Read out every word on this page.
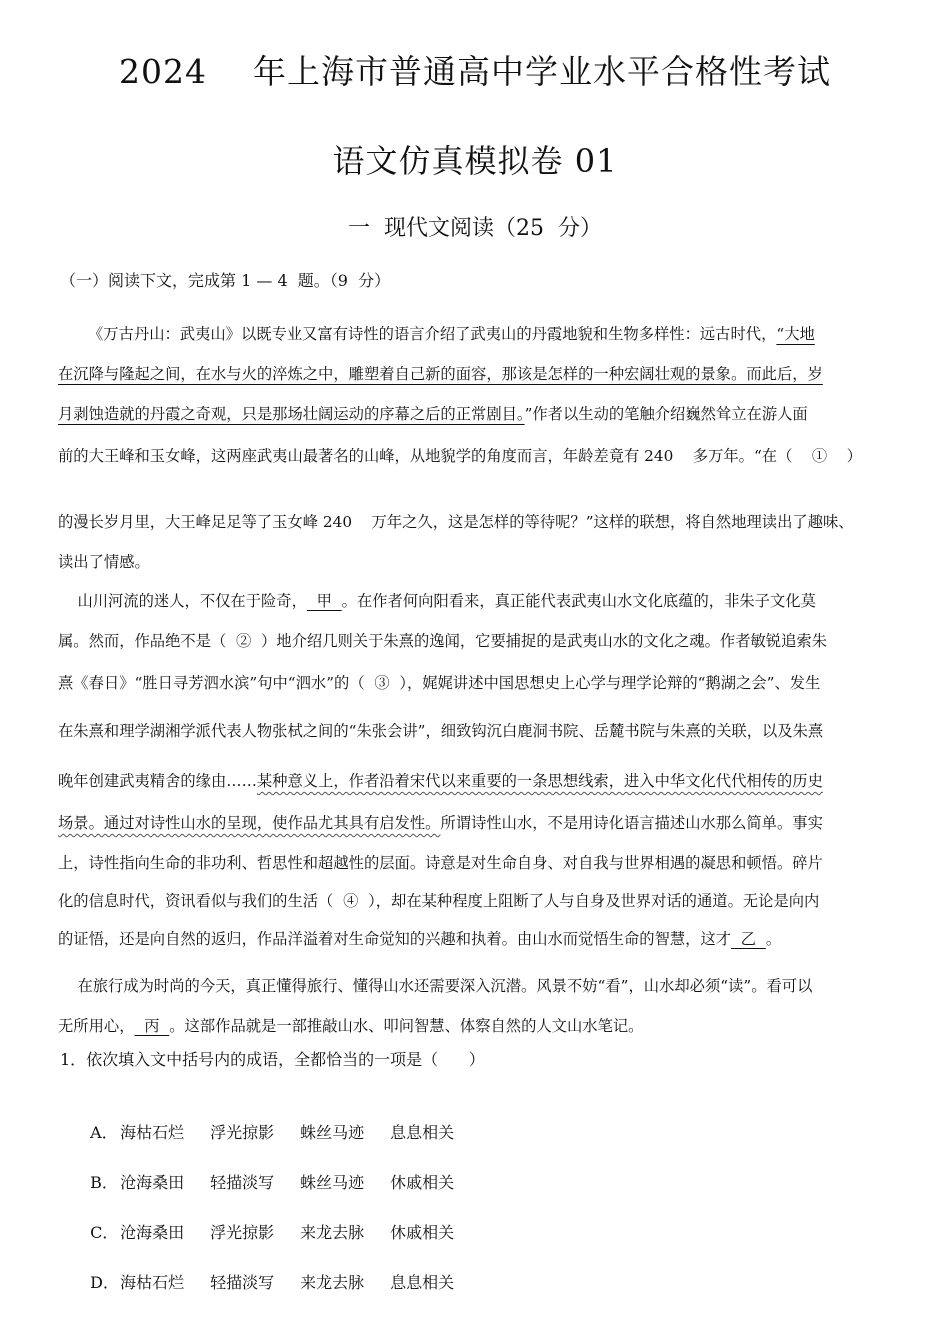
2024    年上海市普通高中学业水平合格性考试
语文仿真模拟卷 01
一  现代文阅读（25  分）
（一）阅读下文，完成第 1 — 4  题。（9  分）
《万古丹山：武夷山》以既专业又富有诗性的语言介绍了武夷山的丹霞地貌和生物多样性：远古时代，“大地
在沉降与隆起之间，在水与火的淬炼之中，雕塑着自己新的面容，那该是怎样的一种宏阔壮观的景象。而此后，岁
月剥蚀造就的丹霞之奇观，只是那场壮阔运动的序幕之后的正常剧目。”作者以生动的笔触介绍巍然耸立在游人面
前的大王峰和玉女峰，这两座武夷山最著名的山峰，从地貌学的角度而言，年龄差竟有 240    多万年。“在（    ①    ）
的漫长岁月里，大王峰足足等了玉女峰 240    万年之久，这是怎样的等待呢？”这样的联想，将自然地理读出了趣味、
读出了情感。
山川河流的迷人，不仅在于险奇，  甲  。在作者何向阳看来，真正能代表武夷山水文化底蕴的，非朱子文化莫
属。然而，作品绝不是（  ②  ）地介绍几则关于朱熹的逸闻，它要捕捉的是武夷山水的文化之魂。作者敏锐追索朱
熹《春日》“胜日寻芳泗水滨”句中“泗水”的（  ③  ），娓娓讲述中国思想史上心学与理学论辩的“鹅湖之会”、发生
在朱熹和理学湖湘学派代表人物张栻之间的“朱张会讲”，细致钩沉白鹿洞书院、岳麓书院与朱熹的关联，以及朱熹
晚年创建武夷精舍的缘由……某种意义上，作者沿着宋代以来重要的一条思想线索，进入中华文化代代相传的历史
场景。通过对诗性山水的呈现，使作品尤其具有启发性。所谓诗性山水，不是用诗化语言描述山水那么简单。事实
上，诗性指向生命的非功利、哲思性和超越性的层面。诗意是对生命自身、对自我与世界相遇的凝思和顿悟。碎片
化的信息时代，资讯看似与我们的生活（  ④  ），却在某种程度上阻断了人与自身及世界对话的通道。无论是向内
的证悟，还是向自然的返归，作品洋溢着对生命觉知的兴趣和执着。由山水而觉悟生命的智慧，这才  乙  。
在旅行成为时尚的今天，真正懂得旅行、懂得山水还需要深入沉潜。风景不妨“看”，山水却必须“读”。看可以
无所用心，  丙  。这部作品就是一部推敲山水、叩问智慧、体察自然的人文山水笔记。
1．依次填入文中括号内的成语，全都恰当的一项是（      ）

A． 海枯石烂 浮光掠影 蛛丝马迹 息息相关

B． 沧海桑田 轻描淡写 蛛丝马迹 休戚相关

C． 沧海桑田 浮光掠影 来龙去脉 休戚相关

D．海枯石烂 轻描淡写 来龙去脉 息息相关
